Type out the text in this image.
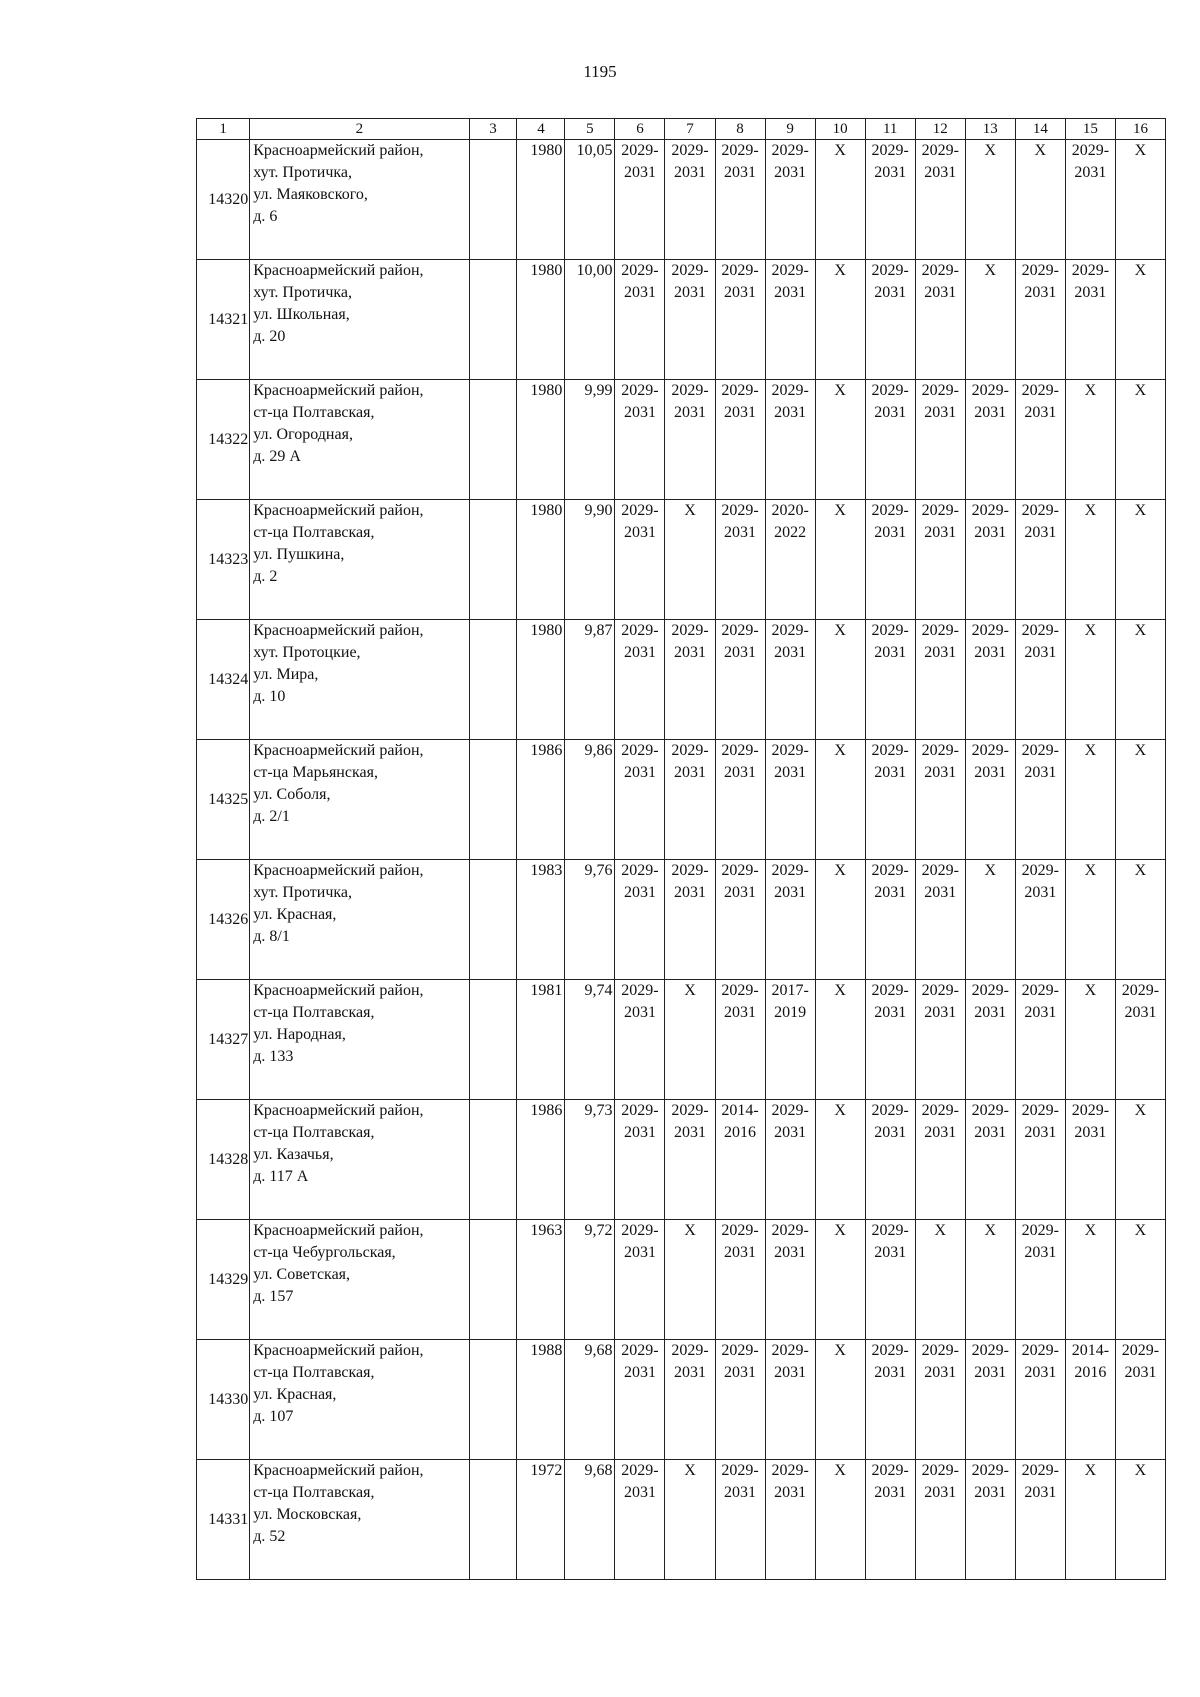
1195
1	2	3	4	5	6	7	8	9	10	11	12	13	14	15	16
14320	Красноармейский район,
хут. Протичка,
ул. Маяковского,
д. 6		1980	10,05	2029-
2031	2029-
2031	2029-
2031	2029-
2031	X	2029-
2031	2029-
2031	X	X	2029-
2031	X
14321	Красноармейский район,
хут. Протичка,
ул. Школьная,
д. 20		1980	10,00	2029-
2031	2029-
2031	2029-
2031	2029-
2031	X	2029-
2031	2029-
2031	X	2029-
2031	2029-
2031	X
14322	Красноармейский район,
ст-ца Полтавская,
ул. Огородная,
д. 29 А		1980	9,99	2029-
2031	2029-
2031	2029-
2031	2029-
2031	X	2029-
2031	2029-
2031	2029-
2031	2029-
2031	X	X
14323	Красноармейский район,
ст-ца Полтавская,
ул. Пушкина,
д. 2		1980	9,90	2029-
2031	X	2029-
2031	2020-
2022	X	2029-
2031	2029-
2031	2029-
2031	2029-
2031	X	X
14324	Красноармейский район,
хут. Протоцкие,
ул. Мира,
д. 10		1980	9,87	2029-
2031	2029-
2031	2029-
2031	2029-
2031	X	2029-
2031	2029-
2031	2029-
2031	2029-
2031	X	X
14325	Красноармейский район,
ст-ца Марьянская,
ул. Соболя,
д. 2/1		1986	9,86	2029-
2031	2029-
2031	2029-
2031	2029-
2031	X	2029-
2031	2029-
2031	2029-
2031	2029-
2031	X	X
14326	Красноармейский район,
хут. Протичка,
ул. Красная,
д. 8/1		1983	9,76	2029-
2031	2029-
2031	2029-
2031	2029-
2031	X	2029-
2031	2029-
2031	X	2029-
2031	X	X
14327	Красноармейский район,
ст-ца Полтавская,
ул. Народная,
д. 133		1981	9,74	2029-
2031	X	2029-
2031	2017-
2019	X	2029-
2031	2029-
2031	2029-
2031	2029-
2031	X	2029-
2031
14328	Красноармейский район,
ст-ца Полтавская,
ул. Казачья,
д. 117 А		1986	9,73	2029-
2031	2029-
2031	2014-
2016	2029-
2031	X	2029-
2031	2029-
2031	2029-
2031	2029-
2031	2029-
2031	X
14329	Красноармейский район,
ст-ца Чебургольская,
ул. Советская,
д. 157		1963	9,72	2029-
2031	X	2029-
2031	2029-
2031	X	2029-
2031	X	X	2029-
2031	X	X
14330	Красноармейский район,
ст-ца Полтавская,
ул. Красная,
д. 107		1988	9,68	2029-
2031	2029-
2031	2029-
2031	2029-
2031	X	2029-
2031	2029-
2031	2029-
2031	2029-
2031	2014-
2016	2029-
2031
14331	Красноармейский район,
ст-ца Полтавская,
ул. Московская,
д. 52		1972	9,68	2029-
2031	X	2029-
2031	2029-
2031	X	2029-
2031	2029-
2031	2029-
2031	2029-
2031	X	X
